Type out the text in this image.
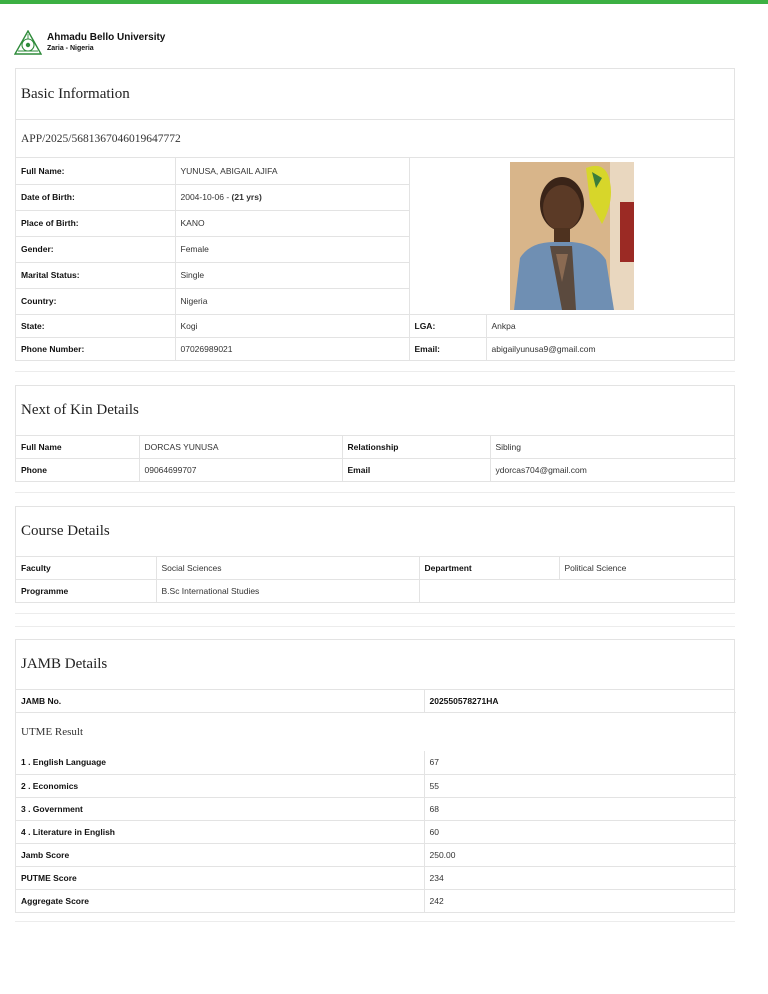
Ahmadu Bello University
Zaria - Nigeria
Basic Information
APP/2025/5681367046019647772
Full Name:	YUNUSA, ABIGAIL AJIFA	

Date of Birth:	2004-10-06 - (21 yrs)		
Place of Birth:	KANO		
Gender:	Female		
Marital Status:	Single		
Country:	Nigeria		
State:	Kogi	LGA:	Ankpa
Phone Number:	07026989021	Email:	abigailyunusa9@gmail.com
Next of Kin Details
Full Name	DORCAS YUNUSA	Relationship	Sibling
Phone	09064699707	Email	ydorcas704@gmail.com
Course Details
Faculty	Social Sciences	Department	Political Science
Programme	B.Sc International Studies		
JAMB Details
JAMB No.	202550578271HA
UTME Result	
1 . English Language	67
2 . Economics	55
3 . Government	68
4 . Literature in English	60
Jamb Score	250.00
PUTME Score	234
Aggregate Score	242
